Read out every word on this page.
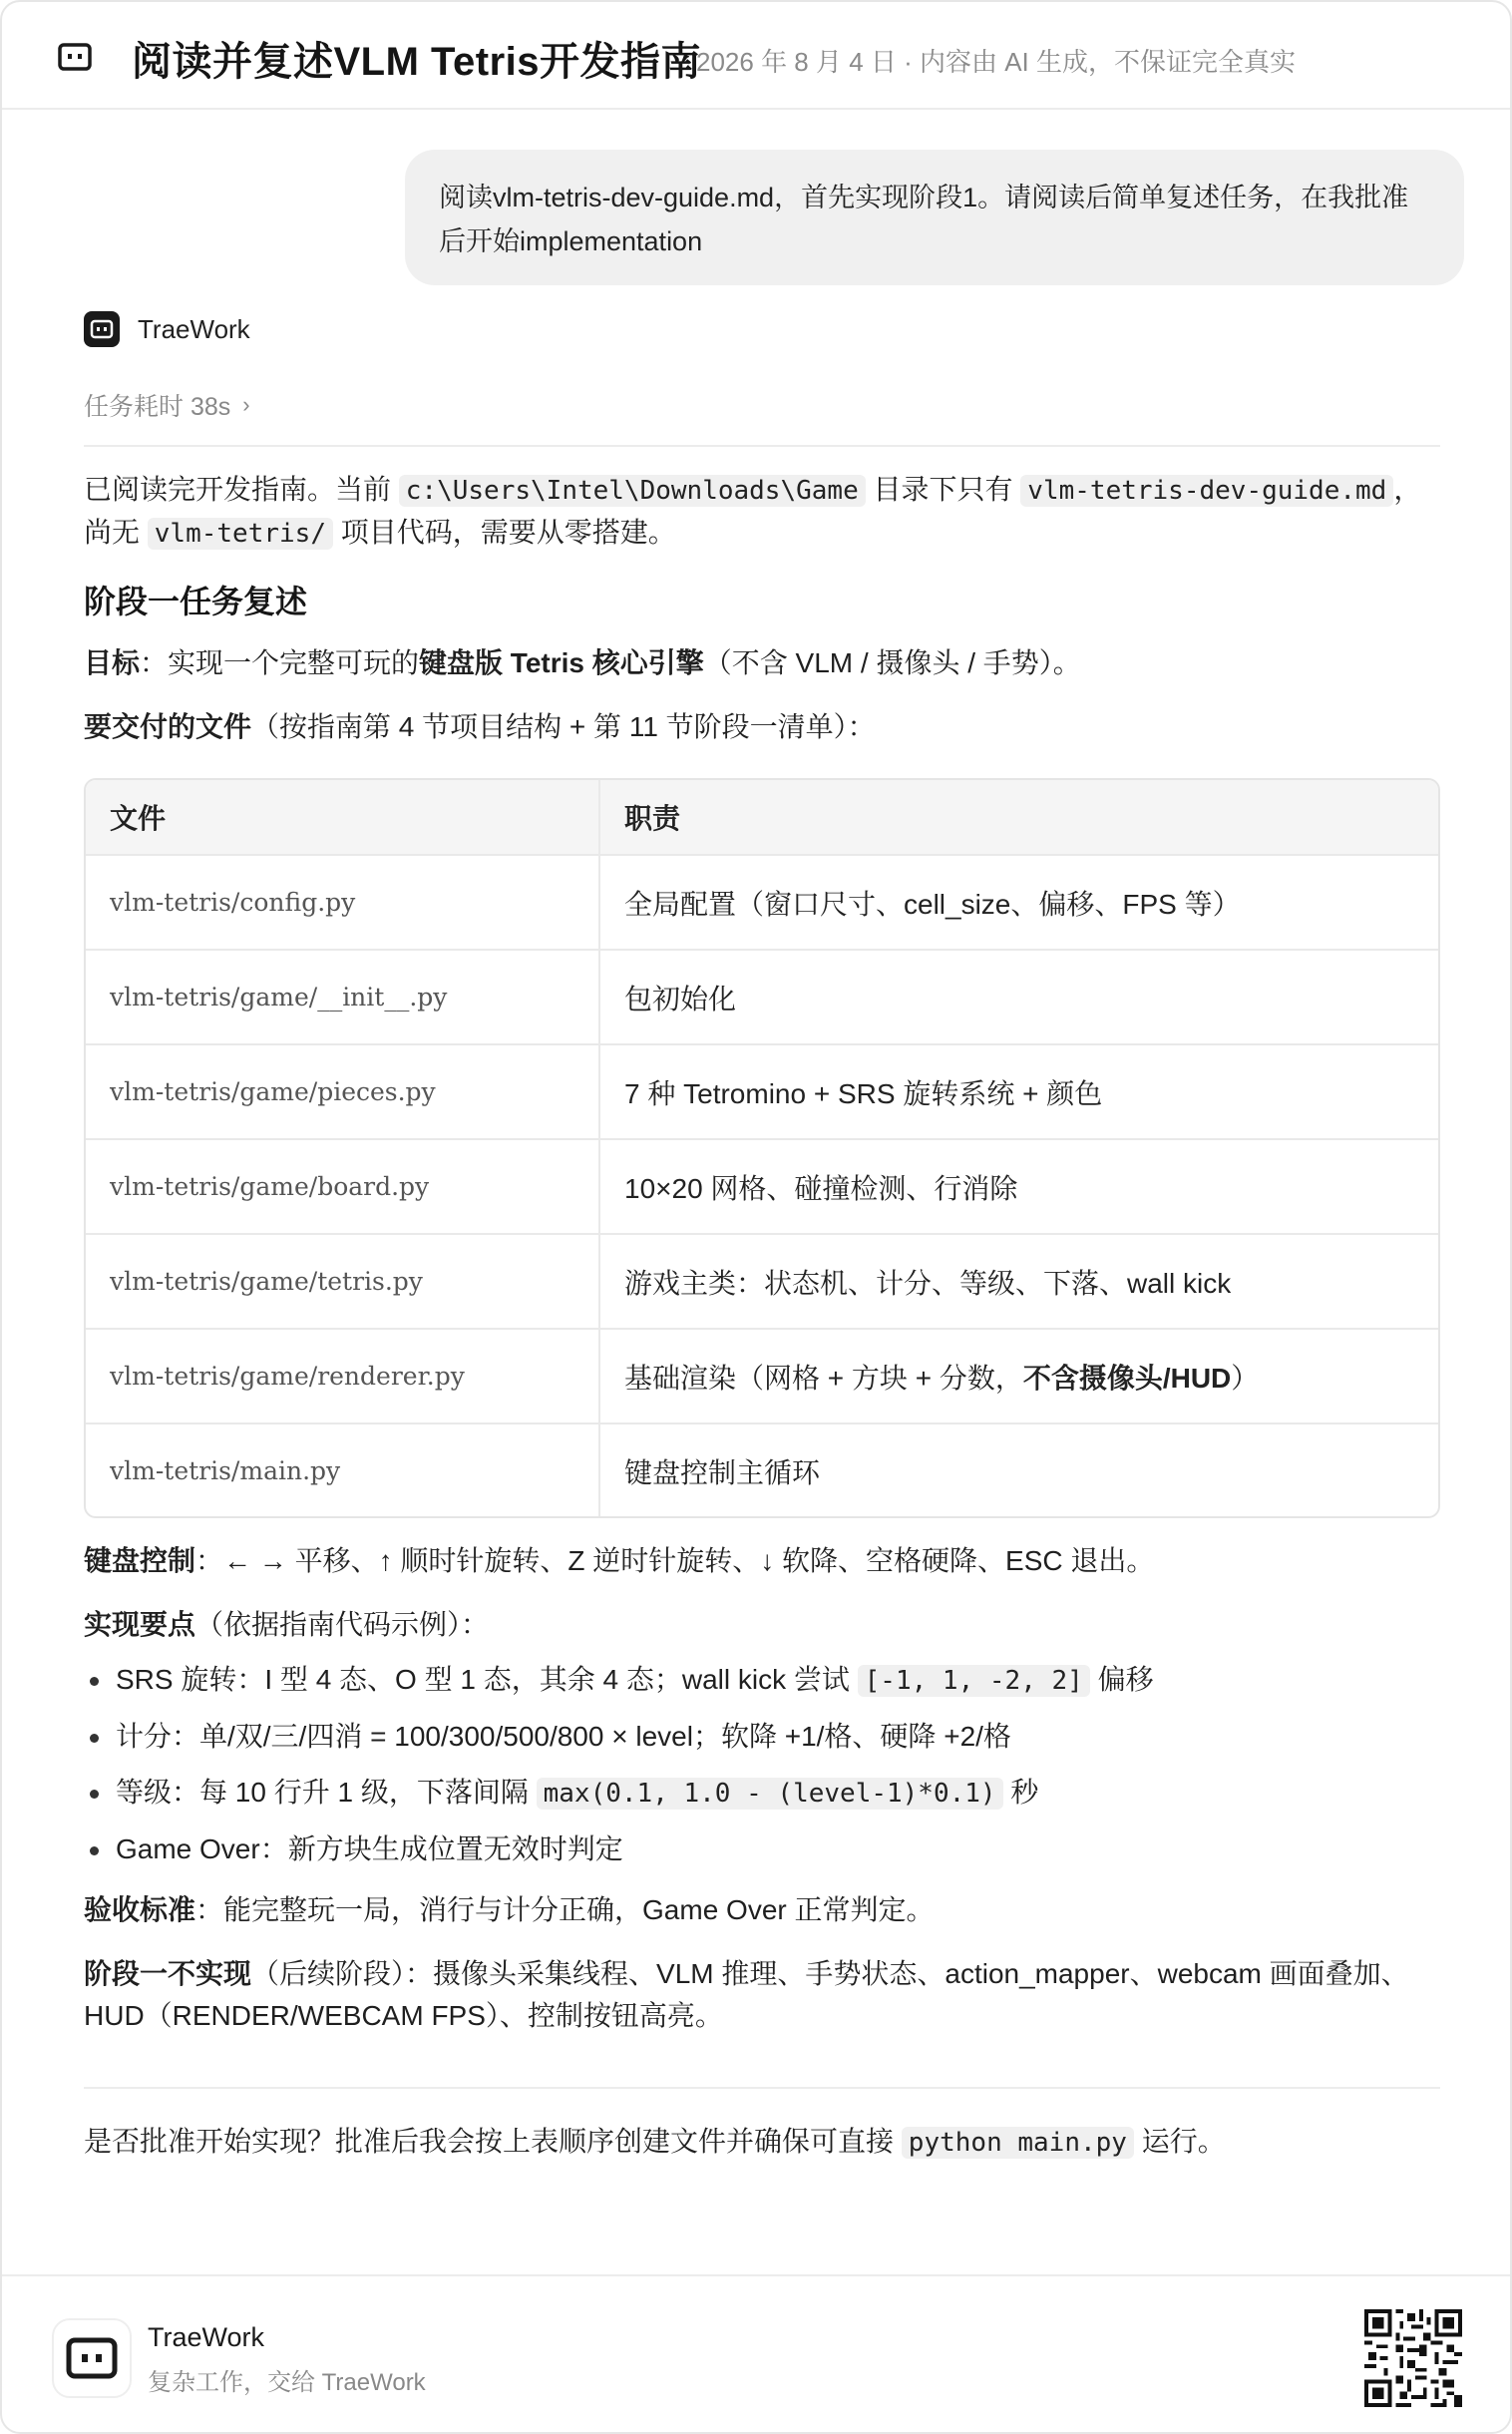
阅读并复述VLM Tetris开发指南
2026 年 8 月 4 日 · 内容由 AI 生成，不保证完全真实
阅读vlm-tetris-dev-guide.md，首先实现阶段1。请阅读后简单复述任务，在我批准后开始implementation
TraeWork
任务耗时 38s ›
已阅读完开发指南。当前 c:\Users\Intel\Downloads\Game 目录下只有 vlm-tetris-dev-guide.md ，
尚无 vlm-tetris/ 项目代码，需要从零搭建。
阶段一任务复述
目标：实现一个完整可玩的键盘版 Tetris 核心引擎（不含 VLM / 摄像头 / 手势）。
要交付的文件（按指南第 4 节项目结构 + 第 11 节阶段一清单）：
文件	职责
vlm-tetris/config.py	全局配置（窗口尺寸、cell_size、偏移、FPS 等）
vlm-tetris/game/__init__.py	包初始化
vlm-tetris/game/pieces.py	7 种 Tetromino + SRS 旋转系统 + 颜色
vlm-tetris/game/board.py	10×20 网格、碰撞检测、行消除
vlm-tetris/game/tetris.py	游戏主类：状态机、计分、等级、下落、wall kick
vlm-tetris/game/renderer.py	基础渲染（网格 + 方块 + 分数， 不含摄像头/HUD ）
vlm-tetris/main.py	键盘控制主循环
键盘控制：← → 平移、↑ 顺时针旋转、Z 逆时针旋转、↓ 软降、空格硬降、ESC 退出。
实现要点（依据指南代码示例）：
SRS 旋转：I 型 4 态、O 型 1 态，其余 4 态；wall kick 尝试 [-1, 1, -2, 2] 偏移
计分：单/双/三/四消 = 100/300/500/800 × level；软降 +1/格、硬降 +2/格
等级：每 10 行升 1 级，下落间隔 max(0.1, 1.0 - (level-1)*0.1) 秒
Game Over：新方块生成位置无效时判定
验收标准：能完整玩一局，消行与计分正确，Game Over 正常判定。
阶段一不实现（后续阶段）：摄像头采集线程、VLM 推理、手势状态、action_mapper、webcam 画面叠加、HUD（RENDER/WEBCAM FPS）、控制按钮高亮。
是否批准开始实现？批准后我会按上表顺序创建文件并确保可直接 python main.py 运行。
TraeWork
复杂工作，交给 TraeWork
